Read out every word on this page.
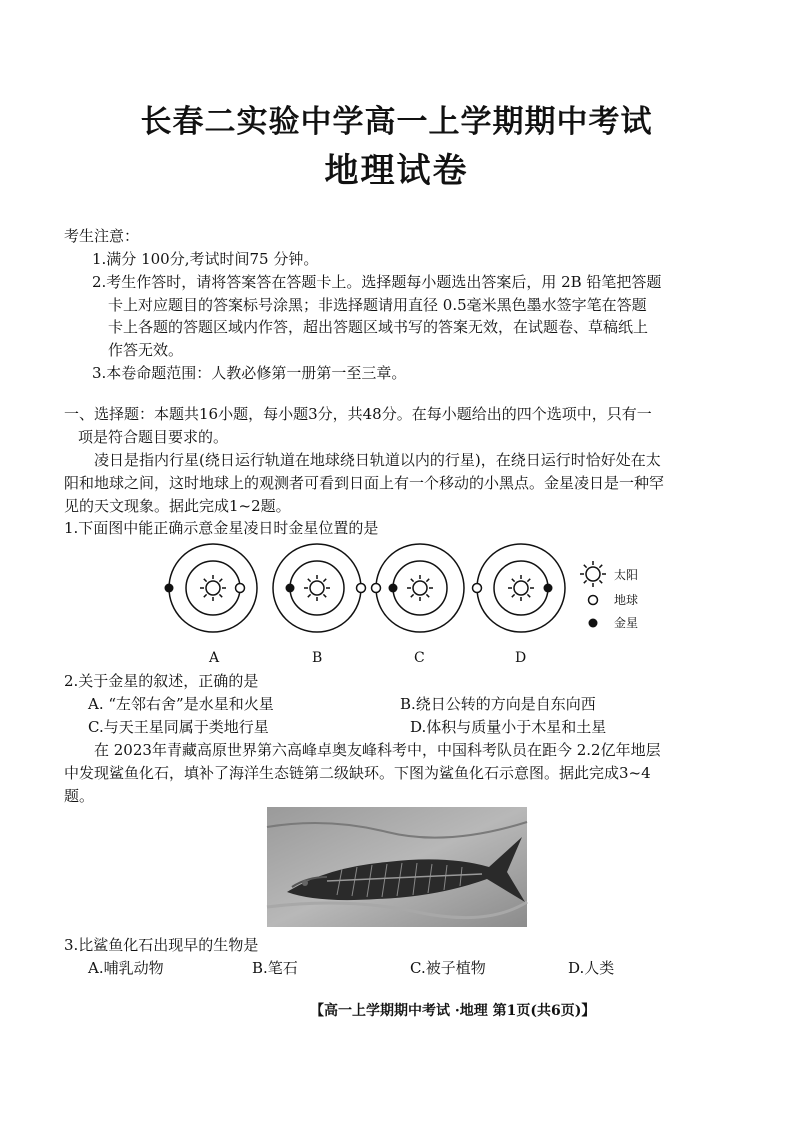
长春二实验中学高一上学期期中考试
地理试卷
考生注意：
1.满分 100分,考试时间75 分钟。
2.考生作答时，请将答案答在答题卡上。选择题每小题选出答案后，用 2B 铅笔把答题
卡上对应题目的答案标号涂黑；非选择题请用直径 0.5毫米黑色墨水签字笔在答题
卡上各题的答题区域内作答，超出答题区域书写的答案无效，在试题卷、草稿纸上
作答无效。
3.本卷命题范围：人教必修第一册第一至三章。
一、选择题：本题共16小题，每小题3分，共48分。在每小题给出的四个选项中，只有一
项是符合题目要求的。
凌日是指内行星(绕日运行轨道在地球绕日轨道以内的行星)，在绕日运行时恰好处在太
阳和地球之间，这时地球上的观测者可看到日面上有一个移动的小黑点。金星凌日是一种罕
见的天文现象。据此完成1~2题。
1.下面图中能正确示意金星凌日时金星位置的是
太阳
地球
金星
A	B	C	D
2.关于金星的叙述，正确的是
A. “左邻右舍”是水星和火星	B.绕日公转的方向是自东向西
C.与天王星同属于类地行星	D.体积与质量小于木星和土星
在 2023年青藏高原世界第六高峰卓奥友峰科考中，中国科考队员在距今 2.2亿年地层
中发现鲨鱼化石，填补了海洋生态链第二级缺环。下图为鲨鱼化石示意图。据此完成3~4
题。
3.比鲨鱼化石出现早的生物是
A.哺乳动物	B.笔石	C.被子植物	D.人类
【高一上学期期中考试 ·地理 第1页(共6页)】
